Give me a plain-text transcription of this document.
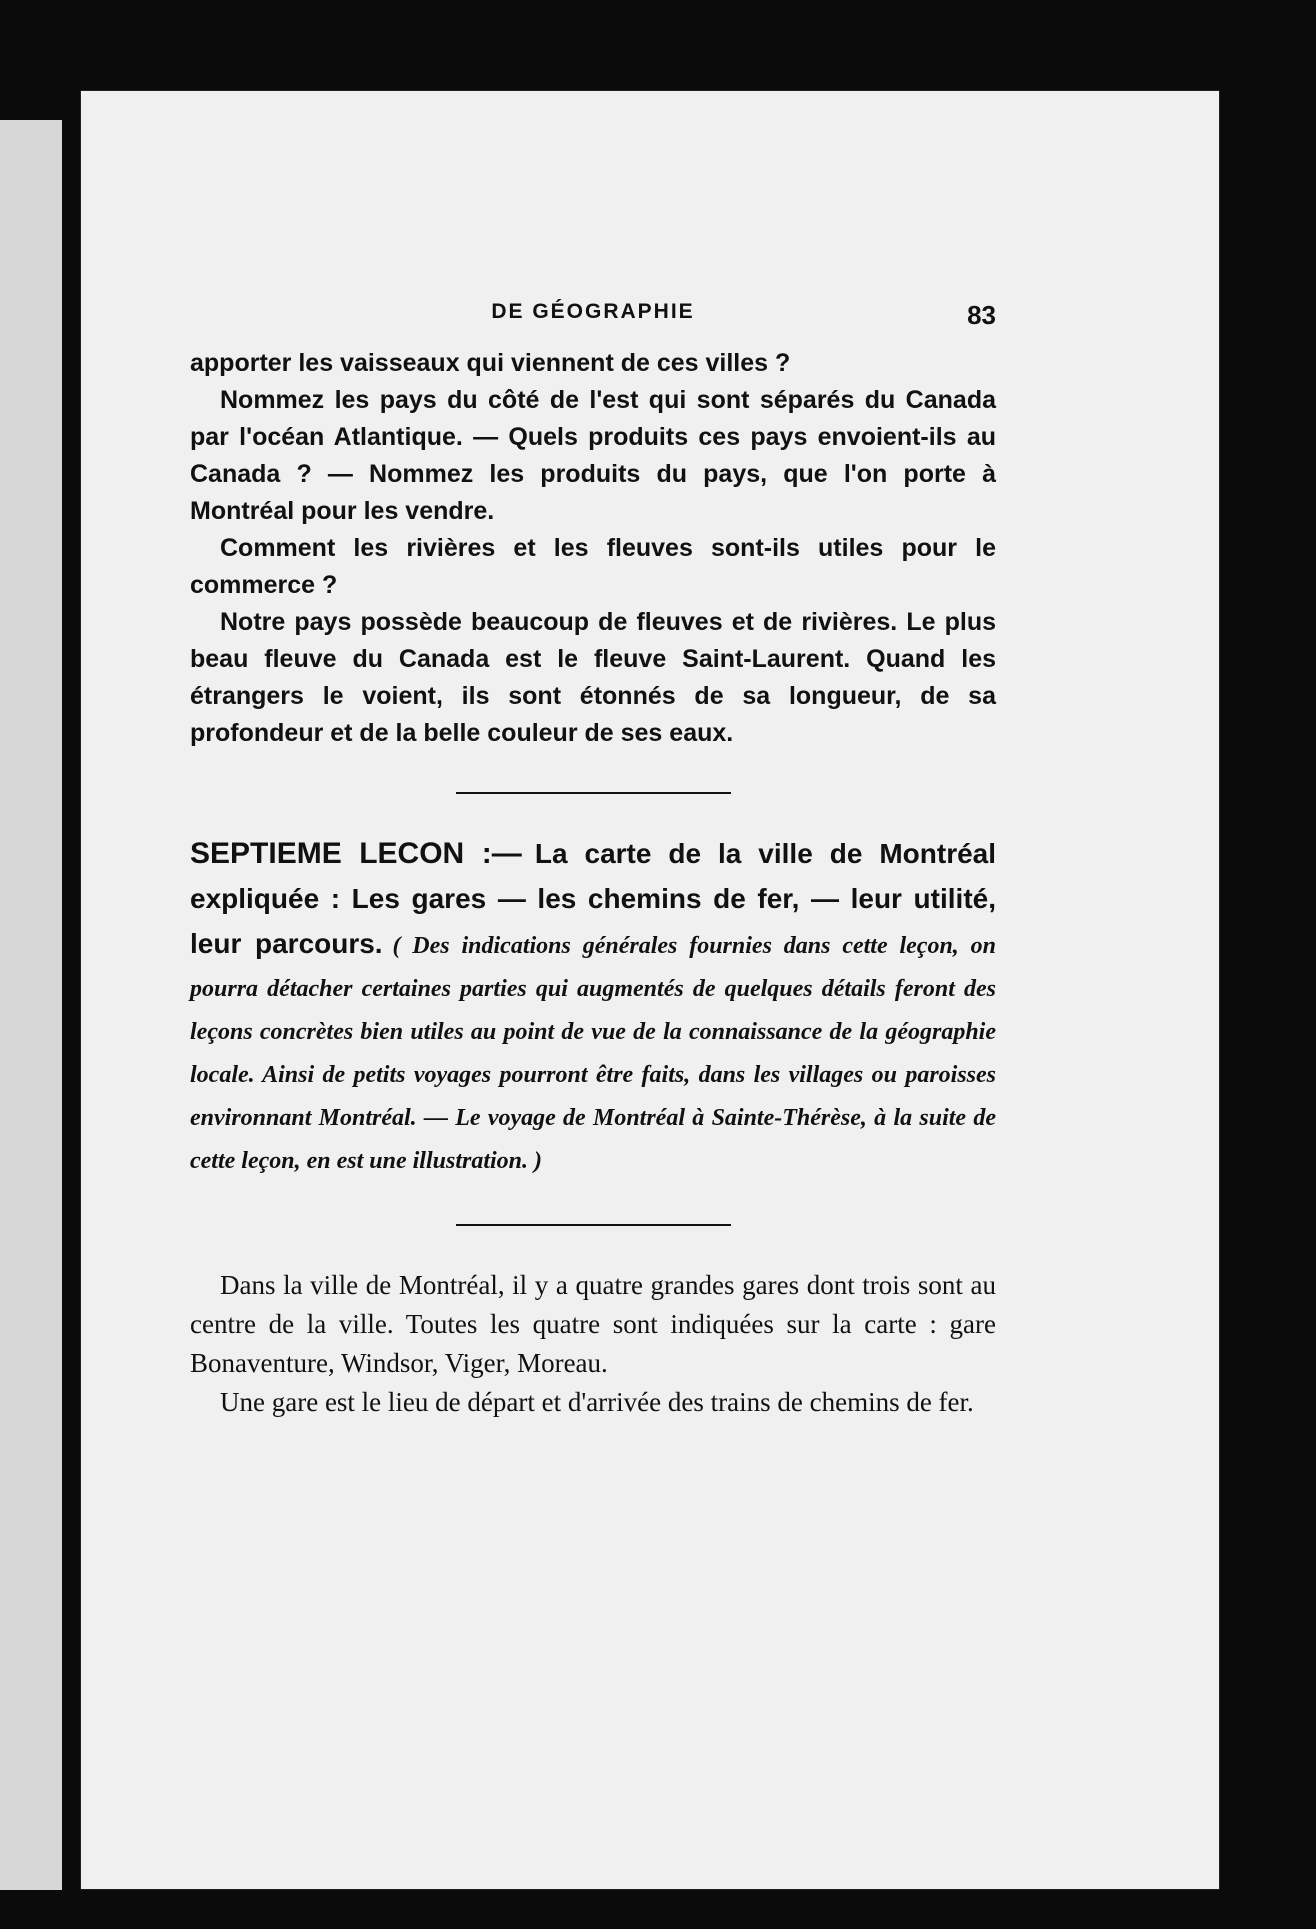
DE GÉOGRAPHIE	83

apporter les vaisseaux qui viennent de ces villes ?

Nommez les pays du côté de l'est qui sont séparés du Canada par l'océan Atlantique. — Quels produits ces pays envoient-ils au Canada ? — Nommez les produits du pays, que l'on porte à Montréal pour les vendre.

Comment les rivières et les fleuves sont-ils utiles pour le commerce ?

Notre pays possède beaucoup de fleuves et de rivières. Le plus beau fleuve du Canada est le fleuve Saint-Laurent. Quand les étrangers le voient, ils sont étonnés de sa longueur, de sa profondeur et de la belle couleur de ses eaux.

SEPTIEME LECON :— La carte de la ville de Montréal expliquée : Les gares — les chemins de fer, — leur utilité, leur parcours. ( Des indications générales fournies dans cette leçon, on pourra détacher certaines parties qui augmentés de quelques détails feront des leçons concrètes bien utiles au point de vue de la connaissance de la géographie locale. Ainsi de petits voyages pourront être faits, dans les villages ou paroisses environnant Montréal. — Le voyage de Montréal à Sainte-Thérèse, à la suite de cette leçon, en est une illustration. )

Dans la ville de Montréal, il y a quatre grandes gares dont trois sont au centre de la ville. Toutes les quatre sont indiquées sur la carte : gare Bonaventure, Windsor, Viger, Moreau.

Une gare est le lieu de départ et d'arrivée des trains de chemins de fer.
